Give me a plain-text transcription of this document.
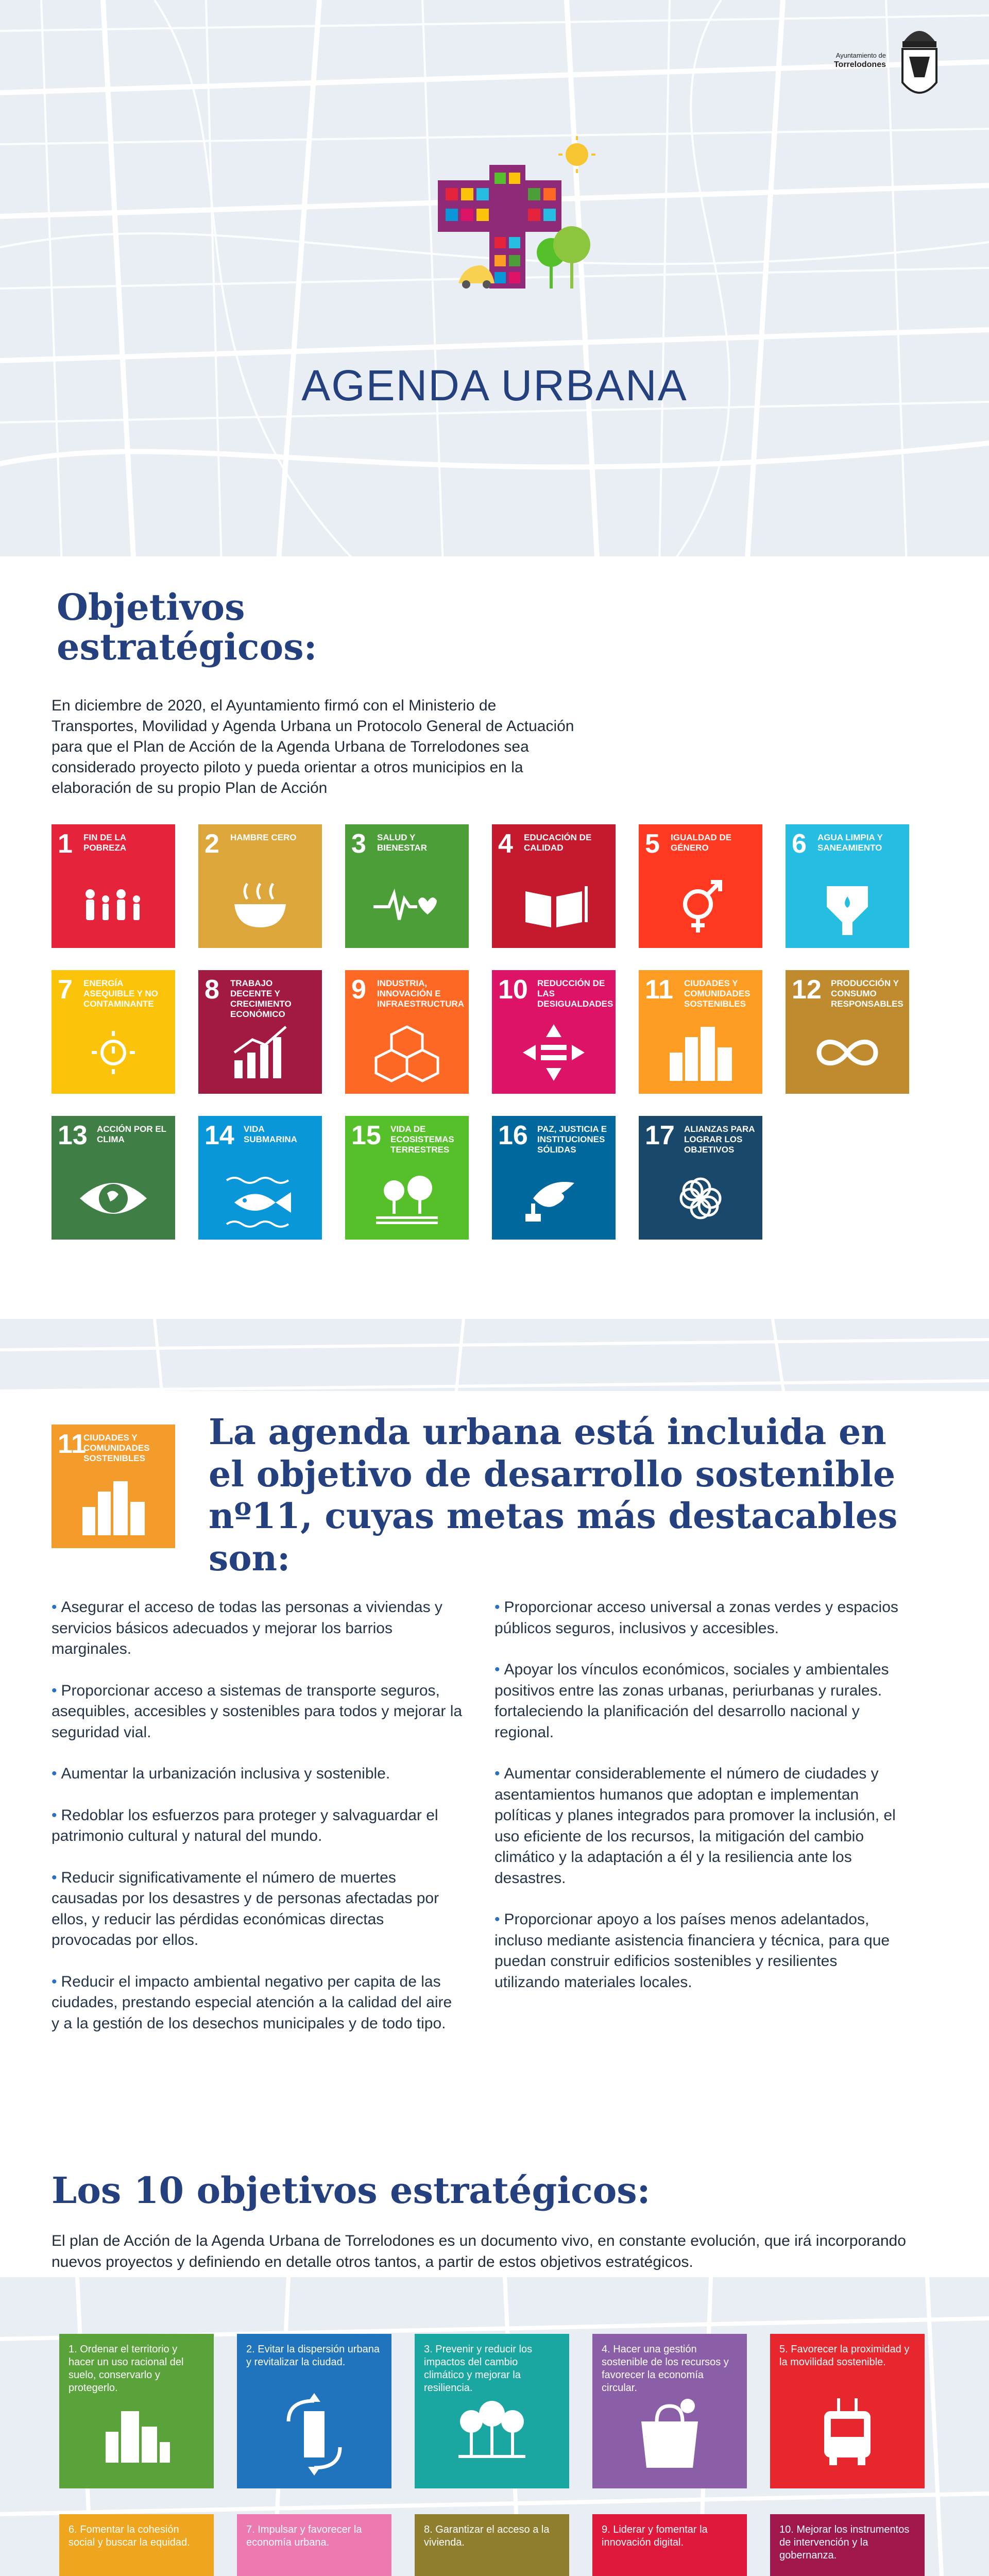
Ayuntamiento de

Torrelodones
AGENDA URBANA
Objetivos
estratégicos:
En diciembre de 2020, el Ayuntamiento firmó con el Ministerio de Transportes, Movilidad y Agenda Urbana un Protocolo General de Actuación para que el Plan de Acción de la Agenda Urbana de Torrelodones sea considerado proyecto piloto y pueda orientar a otros municipios en la elaboración de su propio Plan de Acción
1 FIN DE LA POBREZA	2 HAMBRE CERO	3 SALUD Y BIENESTAR	4 EDUCACIÓN DE CALIDAD	5 IGUALDAD DE GÉNERO	6 AGUA LIMPIA Y SANEAMIENTO
7 ENERGÍA ASEQUIBLE Y NO CONTAMINANTE	8 TRABAJO DECENTE Y CRECIMIENTO ECONÓMICO
9 INDUSTRIA, INNOVACIÓN E INFRAESTRUCTURA 10 REDUCCIÓN DE LAS DESIGUALDADES 11 CIUDADES Y COMUNIDADES SOSTENIBLES	12 PRODUCCIÓN Y CONSUMO RESPONSABLES
13 ACCIÓN POR EL CLIMA	14 VIDA SUBMARINA	15 VIDA DE ECOSISTEMAS TERRESTRES	16 PAZ, JUSTICIA E INSTITUCIONES SÓLIDAS	17 ALIANZAS PARA LOGRAR LOS OBJETIVOS
11
CIUDADES Y COMUNIDADES SOSTENIBLES
La agenda urbana está incluida en el objetivo de desarrollo sostenible nº11, cuyas metas más destacables son:
• Asegurar el acceso de todas las personas a viviendas y servicios básicos adecuados y mejorar los barrios marginales.
• Proporcionar acceso a sistemas de transporte seguros, asequibles, accesibles y sostenibles para todos y mejorar la seguridad vial.
• Aumentar la urbanización inclusiva y sostenible.
• Redoblar los esfuerzos para proteger y salvaguardar el patrimonio cultural y natural del mundo.
• Reducir significativamente el número de muertes causadas por los desastres y de personas afectadas por ellos, y reducir las pérdidas económicas directas provocadas por ellos.
• Reducir el impacto ambiental negativo per capita de las ciudades, prestando especial atención a la calidad del aire y a la gestión de los desechos municipales y de todo tipo.
• Proporcionar acceso universal a zonas verdes y espacios públicos seguros, inclusivos y accesibles.
• Apoyar los vínculos económicos, sociales y ambientales positivos entre las zonas urbanas, periurbanas y rurales. fortaleciendo la planificación del desarrollo nacional y regional.
• Aumentar considerablemente el número de ciudades y asentamientos humanos que adoptan e implementan políticas y planes integrados para promover la inclusión, el uso eficiente de los recursos, la mitigación del cambio climático y la adaptación a él y la resiliencia ante los desastres.
• Proporcionar apoyo a los países menos adelantados, incluso mediante asistencia financiera y técnica, para que puedan construir edificios sostenibles y resilientes utilizando materiales locales.
Los 10 objetivos estratégicos:
El plan de Acción de la Agenda Urbana de Torrelodones es un documento vivo, en constante evolución, que irá incorporando nuevos proyectos y definiendo en detalle otros tantos, a partir de estos objetivos estratégicos.
1. Ordenar el territorio y hacer un uso racional del suelo, conservarlo y protegerlo.
2. Evitar la dispersión urbana y revitalizar la ciudad.
3. Prevenir y reducir los impactos del cambio climático y mejorar la resiliencia.
4. Hacer una gestión sostenible de los recursos y favorecer la economía circular.
5. Favorecer la proximidad y la movilidad sostenible.
6. Fomentar la cohesión social y buscar la equidad.
7. Impulsar y favorecer la economía urbana.
8. Garantizar el acceso a la vivienda.
9. Liderar y fomentar la innovación digital.
10. Mejorar los instrumentos de intervención y la gobernanza.
